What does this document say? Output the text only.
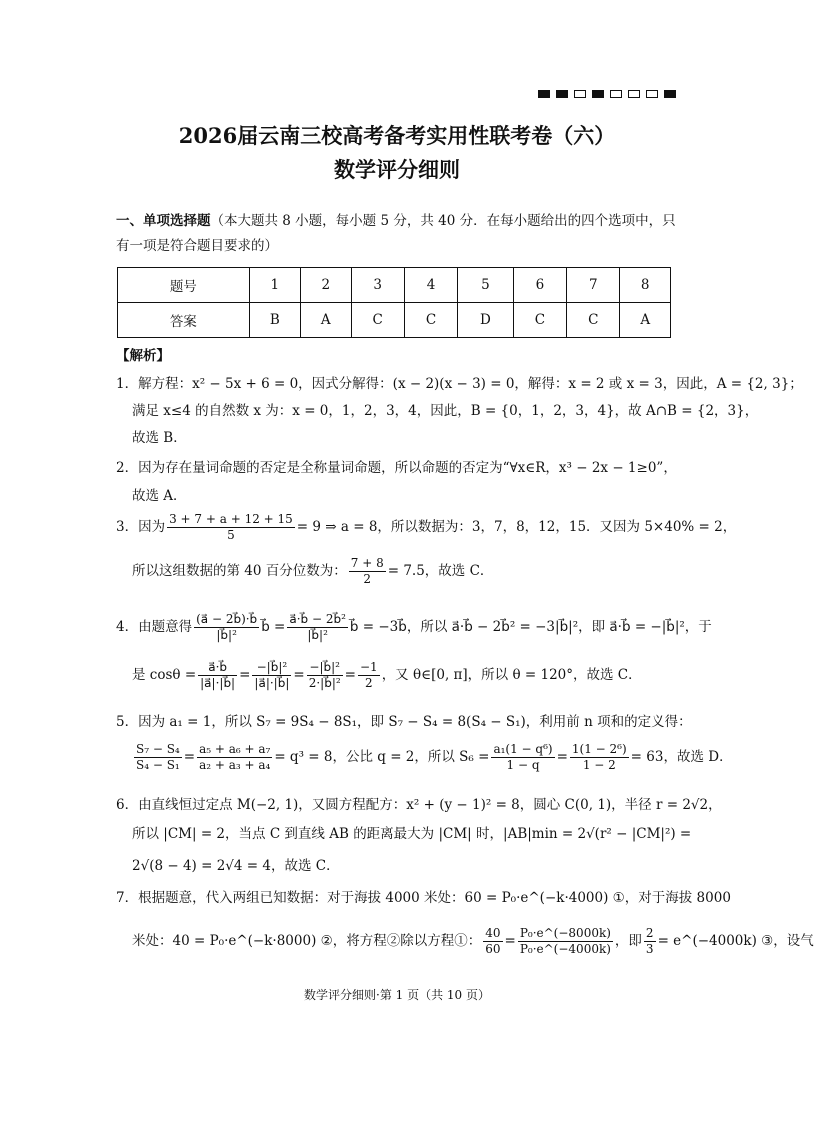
2026届云南三校高考备考实用性联考卷（六）
数学评分细则
一、单项选择题（本大题共 8 小题，每小题 5 分，共 40 分．在每小题给出的四个选项中，只有一项是符合题目要求的）
题号	1	2	3	4	5	6	7	8
答案	B	A	C	C	D	C	C	A
【解析】
1．解方程：x² − 5x + 6 = 0，因式分解得：(x − 2)(x − 3) = 0，解得：x = 2 或 x = 3，因此，A = {2, 3}；
满足 x≤4 的自然数 x 为：x = 0，1，2，3，4，因此，B = {0，1，2，3，4}，故 A∩B = {2，3}，
故选 B．
2．因为存在量词命题的否定是全称量词命题，所以命题的否定为“∀x∈R，x³ − 2x − 1≥0”，
故选 A．
3．因为 $\frac{3 + 7 + a + 12 + 15}{5} = 9$ ⇒ a = 8，所以数据为：3，7，8，12，15．又因为 5×40% = 2，
所以这组数据的第 40 百分位数为： $\frac{7 + 8}{2} = 7.5$，故选 C．
4．由题意得 $\frac{(a⃗ - 2b⃗)\cdot b⃗}{\text{|b⃗|²}}$ b⃗ = $\frac{\text{a⃗·b⃗ − 2b⃗²}}{\text{|b⃗|²}}$ b⃗ = −3b⃗，所以 a⃗·b⃗ − 2b⃗² = −3|b⃗|²，即 a⃗·b⃗ = −|b⃗|²，于
是 $\cos\theta = \frac{a⃗\cdot b⃗}{|a⃗|\cdot|b⃗|} = \frac{\text{−|b⃗|²}}{|a⃗|\cdot|b⃗|} = \frac{\text{−|b⃗|²}}{\text{2·|b⃗|²}} = \frac{-1}{2}$ ，又 θ∈[0, π]，所以 θ = 120°，故选 C．
5．因为 a₁ = 1，所以 S₇ = 9S₄ − 8S₁，即 S₇ − S₄ = 8(S₄ − S₁)，利用前 n 项和的定义得：
$\frac{\text{S₇ − S₄}}{\text{S₄ − S₁}} = \frac{\text{a₅ + a₆ + a₇}}{\text{a₂ + a₃ + a₄}} = q^3 = 8$，公比 q = 2，所以 $S_6 = \frac{\text{a₁(1 − q⁶)}}{1 - q} = \frac{\text{1(1 − 2⁶)}}{1 - 2} = 63$，故选 D．
6．由直线恒过定点 M(−2, 1)，又圆方程配方：x² + (y − 1)² = 8，圆心 C(0, 1)，半径 r = 2√2，
所以 |CM| = 2，当点 C 到直线 AB 的距离最大为 |CM| 时，|AB|min = 2√(r² − |CM|²) =
2√(8 − 4) = 2√4 = 4，故选 C．
7．根据题意，代入两组已知数据：对于海拔 4000 米处：60 = P₀·e^(−k·4000) ①，对于海拔 8000
米处：40 = P₀·e^(−k·8000) ②，将方程②除以方程①： $\frac{40}{60} = \frac{\text{P₀·e\textasciicircum{}(−8000k)}}{\text{P₀·e\textasciicircum{}(−4000k)}}$ ，即 $\frac{2}{3}$ = e^(−4000k) ③，设气
数学评分细则·第 1 页（共 10 页）
